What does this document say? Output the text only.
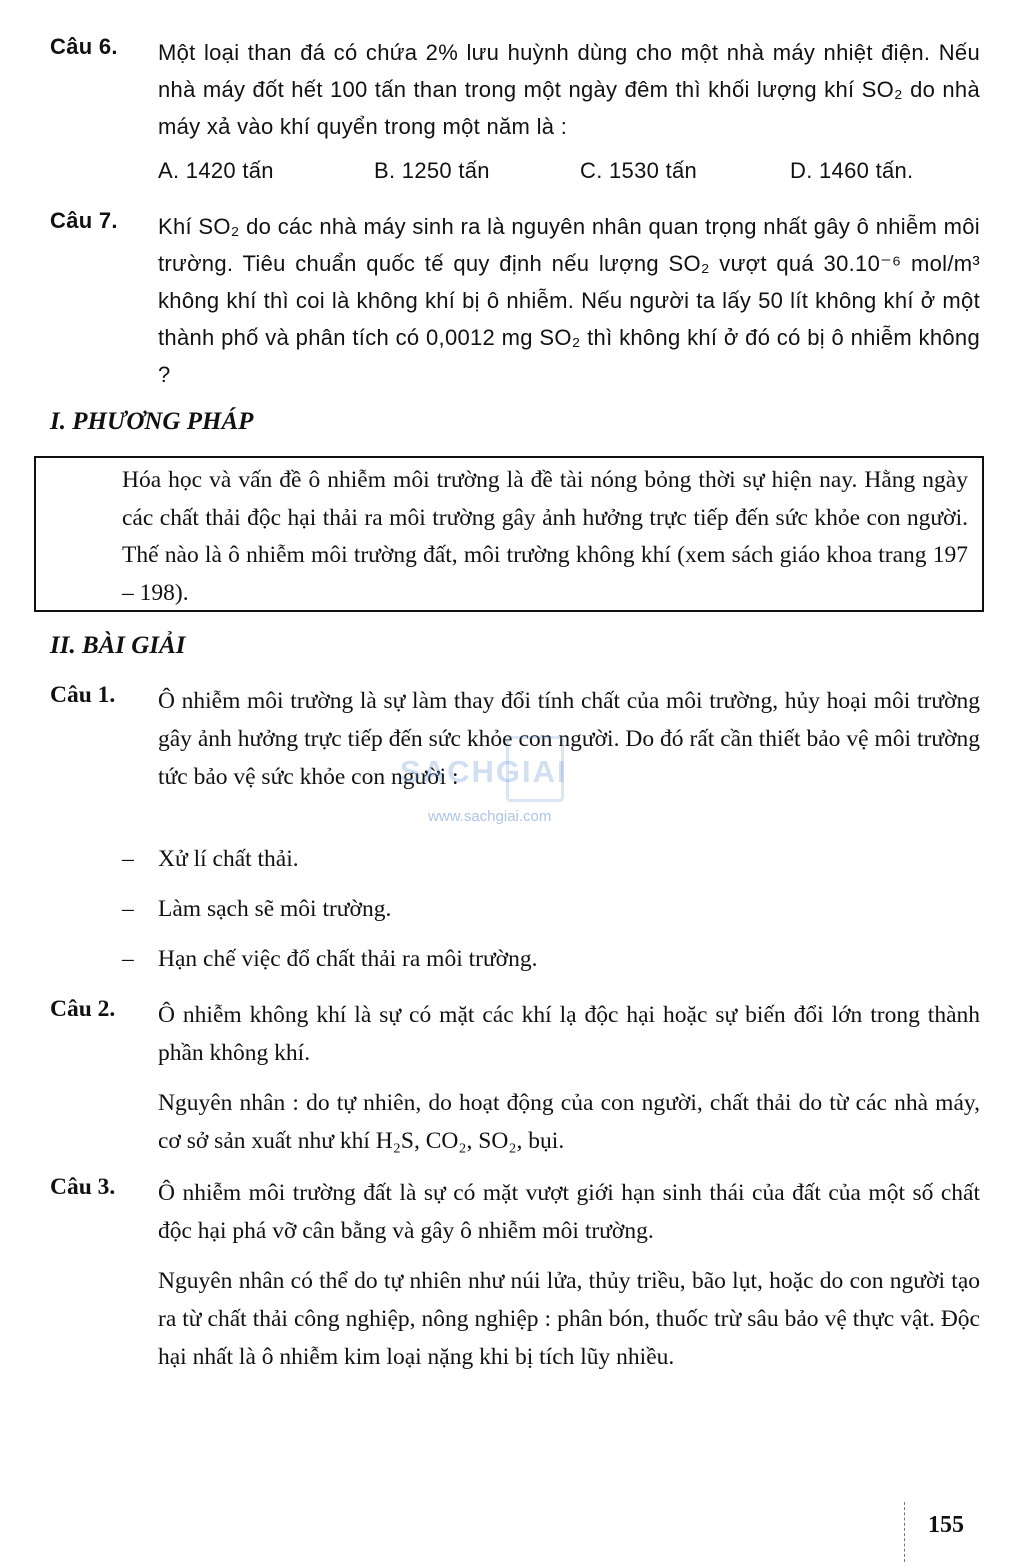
Câu 6. Một loại than đá có chứa 2% lưu huỳnh dùng cho một nhà máy nhiệt điện. Nếu nhà máy đốt hết 100 tấn than trong một ngày đêm thì khối lượng khí SO₂ do nhà máy xả vào khí quyển trong một năm là :
A. 1420 tấn	B. 1250 tấn	C. 1530 tấn	D. 1460 tấn.
Câu 7. Khí SO₂ do các nhà máy sinh ra là nguyên nhân quan trọng nhất gây ô nhiễm môi trường. Tiêu chuẩn quốc tế quy định nếu lượng SO₂ vượt quá 30.10⁻⁶ mol/m³ không khí thì coi là không khí bị ô nhiễm. Nếu người ta lấy 50 lít không khí ở một thành phố và phân tích có 0,0012 mg SO₂ thì không khí ở đó có bị ô nhiễm không ?
I. PHƯƠNG PHÁP
Hóa học và vấn đề ô nhiễm môi trường là đề tài nóng bỏng thời sự hiện nay. Hằng ngày các chất thải độc hại thải ra môi trường gây ảnh hưởng trực tiếp đến sức khỏe con người. Thế nào là ô nhiễm môi trường đất, môi trường không khí (xem sách giáo khoa trang 197 – 198).
II. BÀI GIẢI
Câu 1. Ô nhiễm môi trường là sự làm thay đổi tính chất của môi trường, hủy hoại môi trường gây ảnh hưởng trực tiếp đến sức khỏe con người. Do đó rất cần thiết bảo vệ môi trường tức bảo vệ sức khỏe con người :
– Xử lí chất thải.
– Làm sạch sẽ môi trường.
– Hạn chế việc đổ chất thải ra môi trường.
Câu 2. Ô nhiễm không khí là sự có mặt các khí lạ độc hại hoặc sự biến đổi lớn trong thành phần không khí.
Nguyên nhân : do tự nhiên, do hoạt động của con người, chất thải do từ các nhà máy, cơ sở sản xuất như khí H₂S, CO₂, SO₂, bụi.
Câu 3. Ô nhiễm môi trường đất là sự có mặt vượt giới hạn sinh thái của đất của một số chất độc hại phá vỡ cân bằng và gây ô nhiễm môi trường.
Nguyên nhân có thể do tự nhiên như núi lửa, thủy triều, bão lụt, hoặc do con người tạo ra từ chất thải công nghiệp, nông nghiệp : phân bón, thuốc trừ sâu bảo vệ thực vật. Độc hại nhất là ô nhiễm kim loại nặng khi bị tích lũy nhiều.
SACHGIAI
www.sachgiai.com
155
